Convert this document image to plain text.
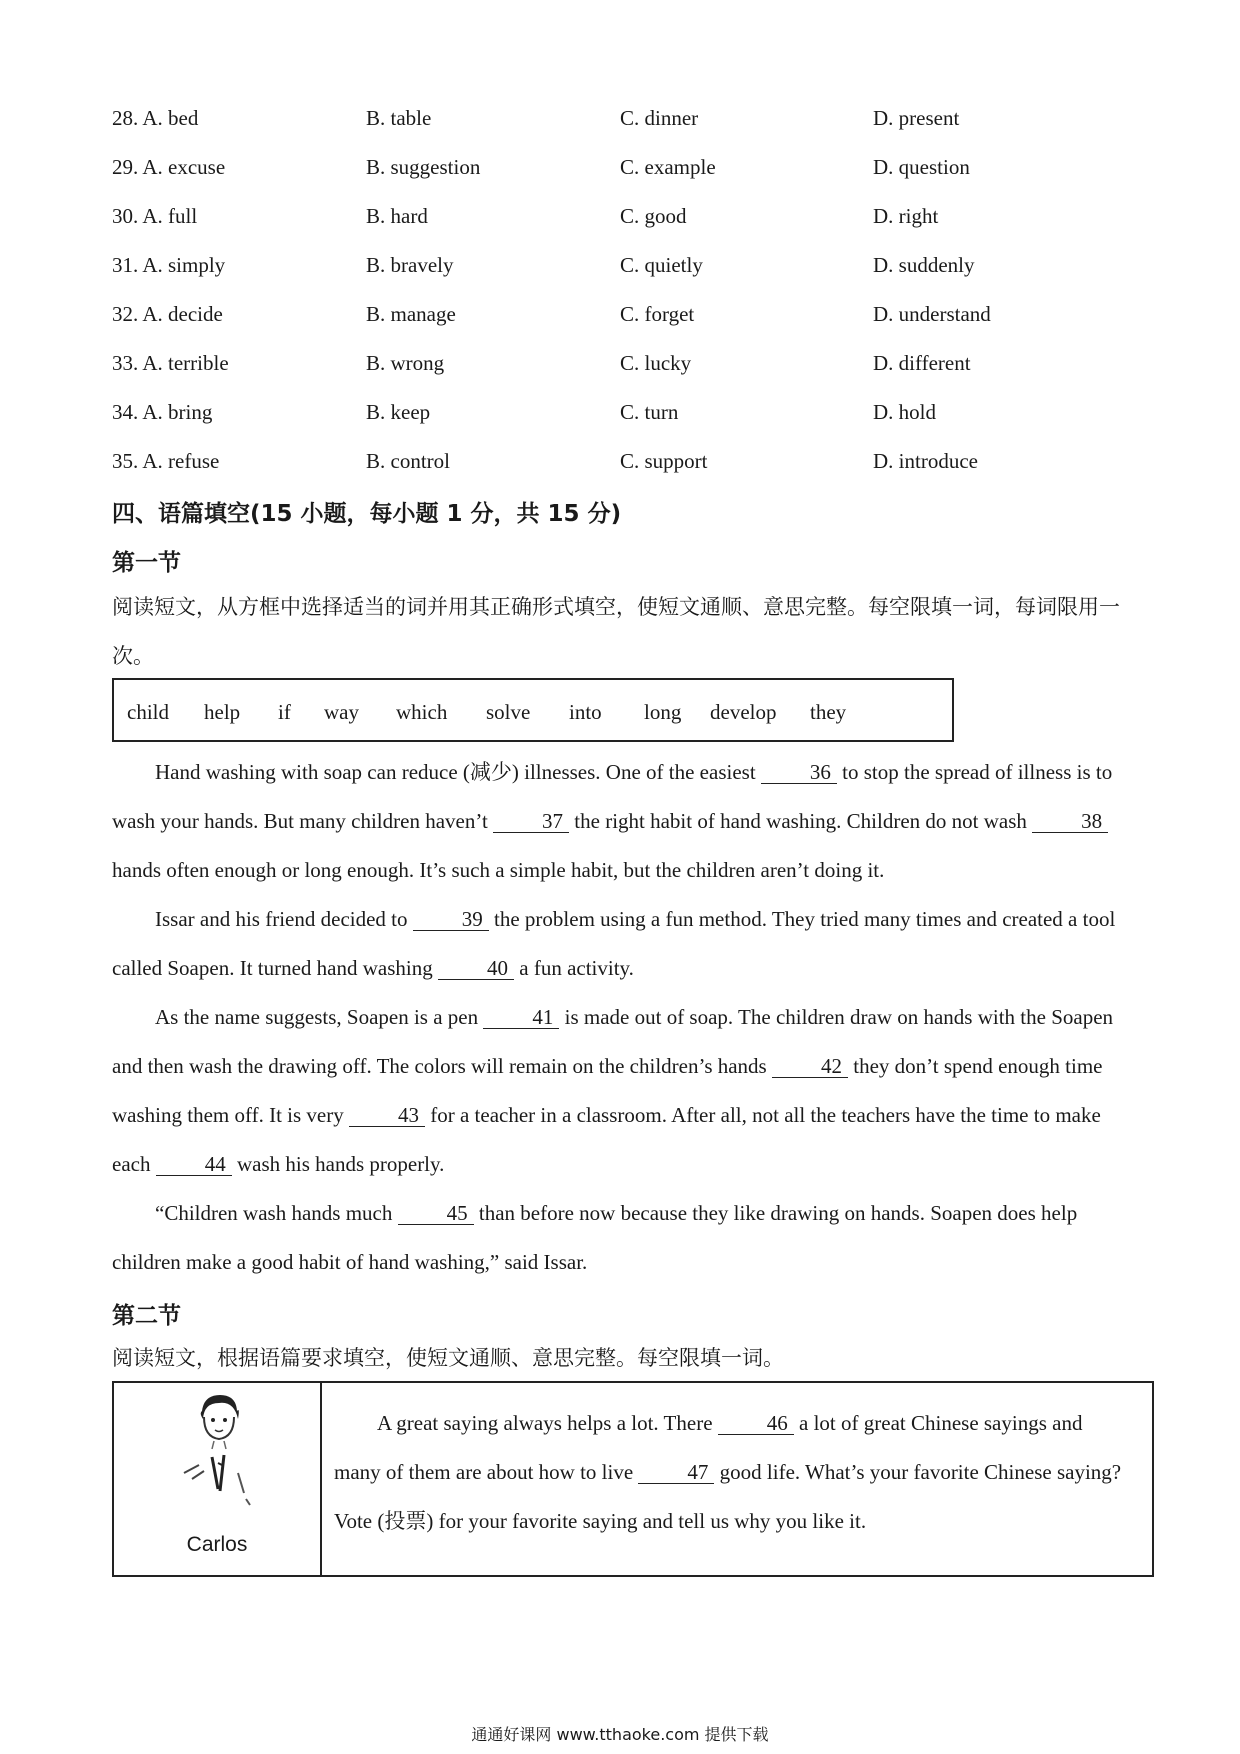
28. A. bed	B. table	C. dinner	D. present
29. A. excuse	B. suggestion	C. example	D. question
30. A. full	B. hard	C. good	D. right
31. A. simply	B. bravely	C. quietly	D. suddenly
32. A. decide	B. manage	C. forget	D. understand
33. A. terrible	B. wrong	C. lucky	D. different
34. A. bring	B. keep	C. turn	D. hold
35. A. refuse	B. control	C. support	D. introduce
四、语篇填空(15 小题，每小题 1 分，共 15 分)
第一节
阅读短文，从方框中选择适当的词并用其正确形式填空，使短文通顺、意思完整。每空限填一词，每词限用一次。
child help if way which solve into long develop they

Hand washing with soap can reduce (减少) illnesses. One of the easiest 36 to stop the spread of illness is to wash your hands. But many children haven’t 37 the right habit of hand washing. Children do not wash 38 hands often enough or long enough. It’s such a simple habit, but the children aren’t doing it.

Issar and his friend decided to 39 the problem using a fun method. They tried many times and created a tool called Soapen. It turned hand washing 40 a fun activity.

As the name suggests, Soapen is a pen 41 is made out of soap. The children draw on hands with the Soapen and then wash the drawing off. The colors will remain on the children’s hands 42 they don’t spend enough time washing them off. It is very 43 for a teacher in a classroom. After all, not all the teachers have the time to make each 44 wash his hands properly.

“Children wash hands much 45 than before now because they like drawing on hands. Soapen does help children make a good habit of hand washing,” said Issar.

第二节
阅读短文，根据语篇要求填空，使短文通顺、意思完整。每空限填一词。
Carlos

A great saying always helps a lot. There 46 a lot of great Chinese sayings and many of them are about how to live 47 good life. What’s your favorite Chinese saying? Vote (投票) for your favorite saying and tell us why you like it.

通通好课网 www.tthaoke.com 提供下载
